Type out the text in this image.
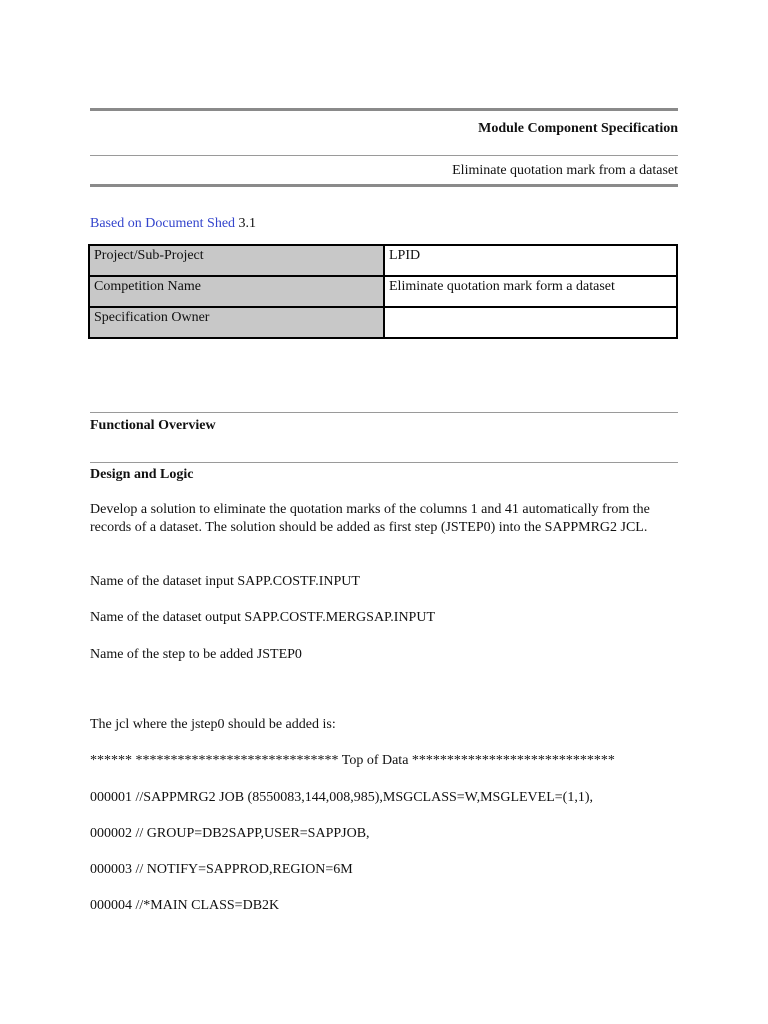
Module Component Specification
Eliminate quotation mark from a dataset
Based on Document Shed 3.1
Project/Sub-Project	LPID
Competition Name	Eliminate quotation mark form a dataset
Specification Owner	
Functional Overview
Design and Logic
Develop a solution to eliminate the quotation marks of the columns 1 and 41 automatically from the records of a dataset. The solution should be added as first step (JSTEP0) into the SAPPMRG2 JCL.
Name of the dataset input SAPP.COSTF.INPUT
Name of the dataset output SAPP.COSTF.MERGSAP.INPUT
Name of the step to be added JSTEP0
The jcl where the jstep0 should be added is:
****** ***************************** Top of Data *****************************
000001 //SAPPMRG2 JOB (8550083,144,008,985),MSGCLASS=W,MSGLEVEL=(1,1),
000002 // GROUP=DB2SAPP,USER=SAPPJOB,
000003 // NOTIFY=SAPPROD,REGION=6M
000004 //*MAIN CLASS=DB2K
